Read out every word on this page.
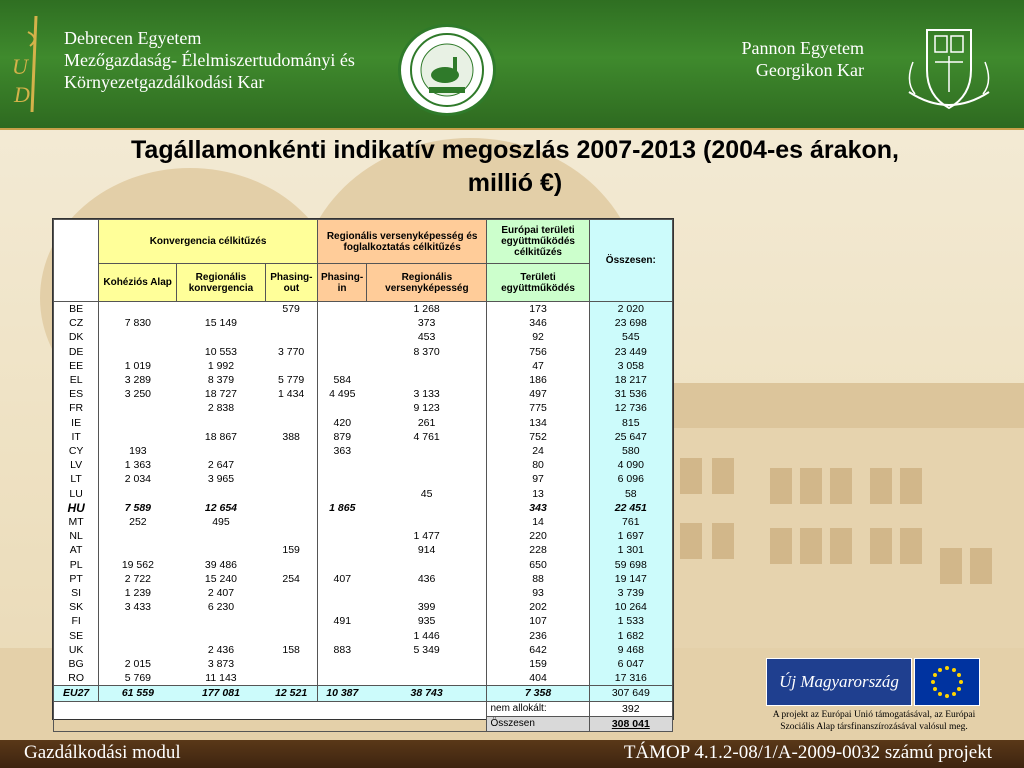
U
D
Debrecen Egyetem
Mezőgazdaság- Élelmiszertudományi és
Környezetgazdálkodási Kar
Pannon Egyetem
Georgikon Kar
Tagállamonkénti indikatív megoszlás 2007-2013 (2004-es árakon,
millió €)
	Konvergencia célkitűzés			Regionális versenyképesség és foglalkoztatás célkitűzés		Európai területi együttműködés célkitűzés	Összesen:
	Kohéziós Alap	Regionális konvergencia	Phasing-out	Phasing-in	Regionális versenyképesség	Területi együttműködés	
BE			579		1 268	173	2 020
CZ	7 830	15 149			373	346	23 698
DK					453	92	545
DE		10 553	3 770		8 370	756	23 449
EE	1 019	1 992				47	3 058
EL	3 289	8 379	5 779	584		186	18 217
ES	3 250	18 727	1 434	4 495	3 133	497	31 536
FR		2 838			9 123	775	12 736
IE				420	261	134	815
IT		18 867	388	879	4 761	752	25 647
CY	193			363		24	580
LV	1 363	2 647				80	4 090
LT	2 034	3 965				97	6 096
LU					45	13	58
HU	7 589	12 654		1 865		343	22 451
MT	252	495				14	761
NL					1 477	220	1 697
AT			159		914	228	1 301
PL	19 562	39 486				650	59 698
PT	2 722	15 240	254	407	436	88	19 147
SI	1 239	2 407				93	3 739
SK	3 433	6 230			399	202	10 264
FI				491	935	107	1 533
SE					1 446	236	1 682
UK		2 436	158	883	5 349	642	9 468
BG	2 015	3 873				159	6 047
RO	5 769	11 143				404	17 316
EU27	61 559	177 081	12 521	10 387	38 743	7 358	307 649
						nem allokált:	392
						Összesen	308 041
Új Magyarország
A projekt az Európai Unió támogatásával, az Európai Szociális Alap társfinanszírozásával valósul meg.
Gazdálkodási modul	TÁMOP 4.1.2-08/1/A-2009-0032 számú projekt
